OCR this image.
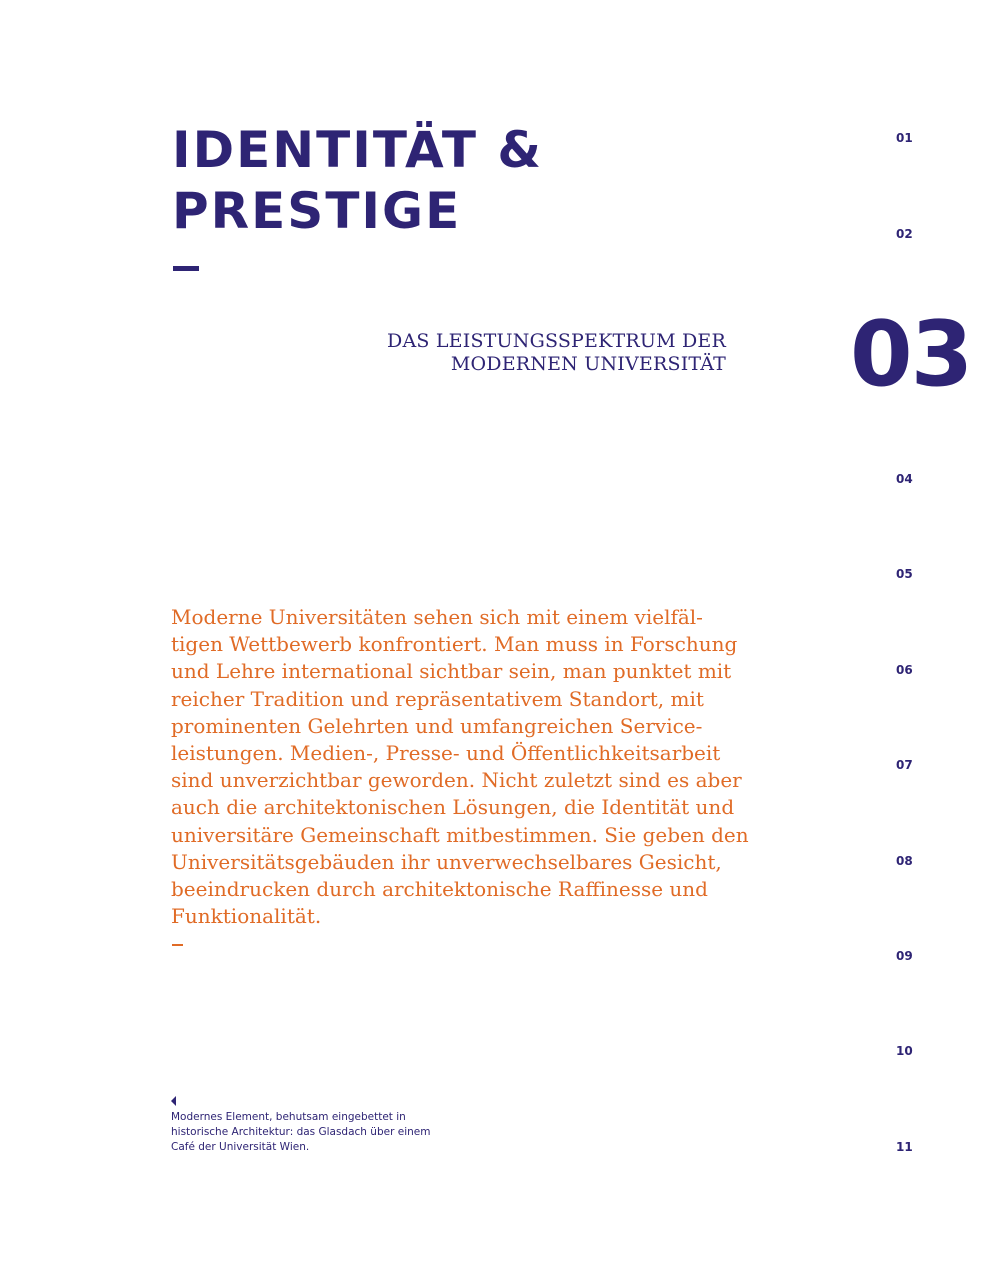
IDENTITÄT &
PRESTIGE
DAS LEISTUNGSSPEKTRUM DER
MODERNEN UNIVERSITÄT
Moderne Universitäten sehen sich mit einem vielfäl-
tigen Wettbewerb konfrontiert. Man muss in Forschung
und Lehre international sichtbar sein, man punktet mit
reicher Tradition und repräsentativem Standort, mit
prominenten Gelehrten und umfangreichen Service-
leistungen. Medien-, Presse- und Öffentlichkeitsarbeit
sind unverzichtbar geworden. Nicht zuletzt sind es aber
auch die architektonischen Lösungen, die Identität und
universitäre Gemeinschaft mitbestimmen. Sie geben den
Universitätsgebäuden ihr unverwechselbares Gesicht,
beeindrucken durch architektonische Raffinesse und
Funktionalität.
Modernes Element, behutsam eingebettet in
historische Architektur: das Glasdach über einem
Café der Universität Wien.
01
02
03
04
05
06
07
08
09
10
11
